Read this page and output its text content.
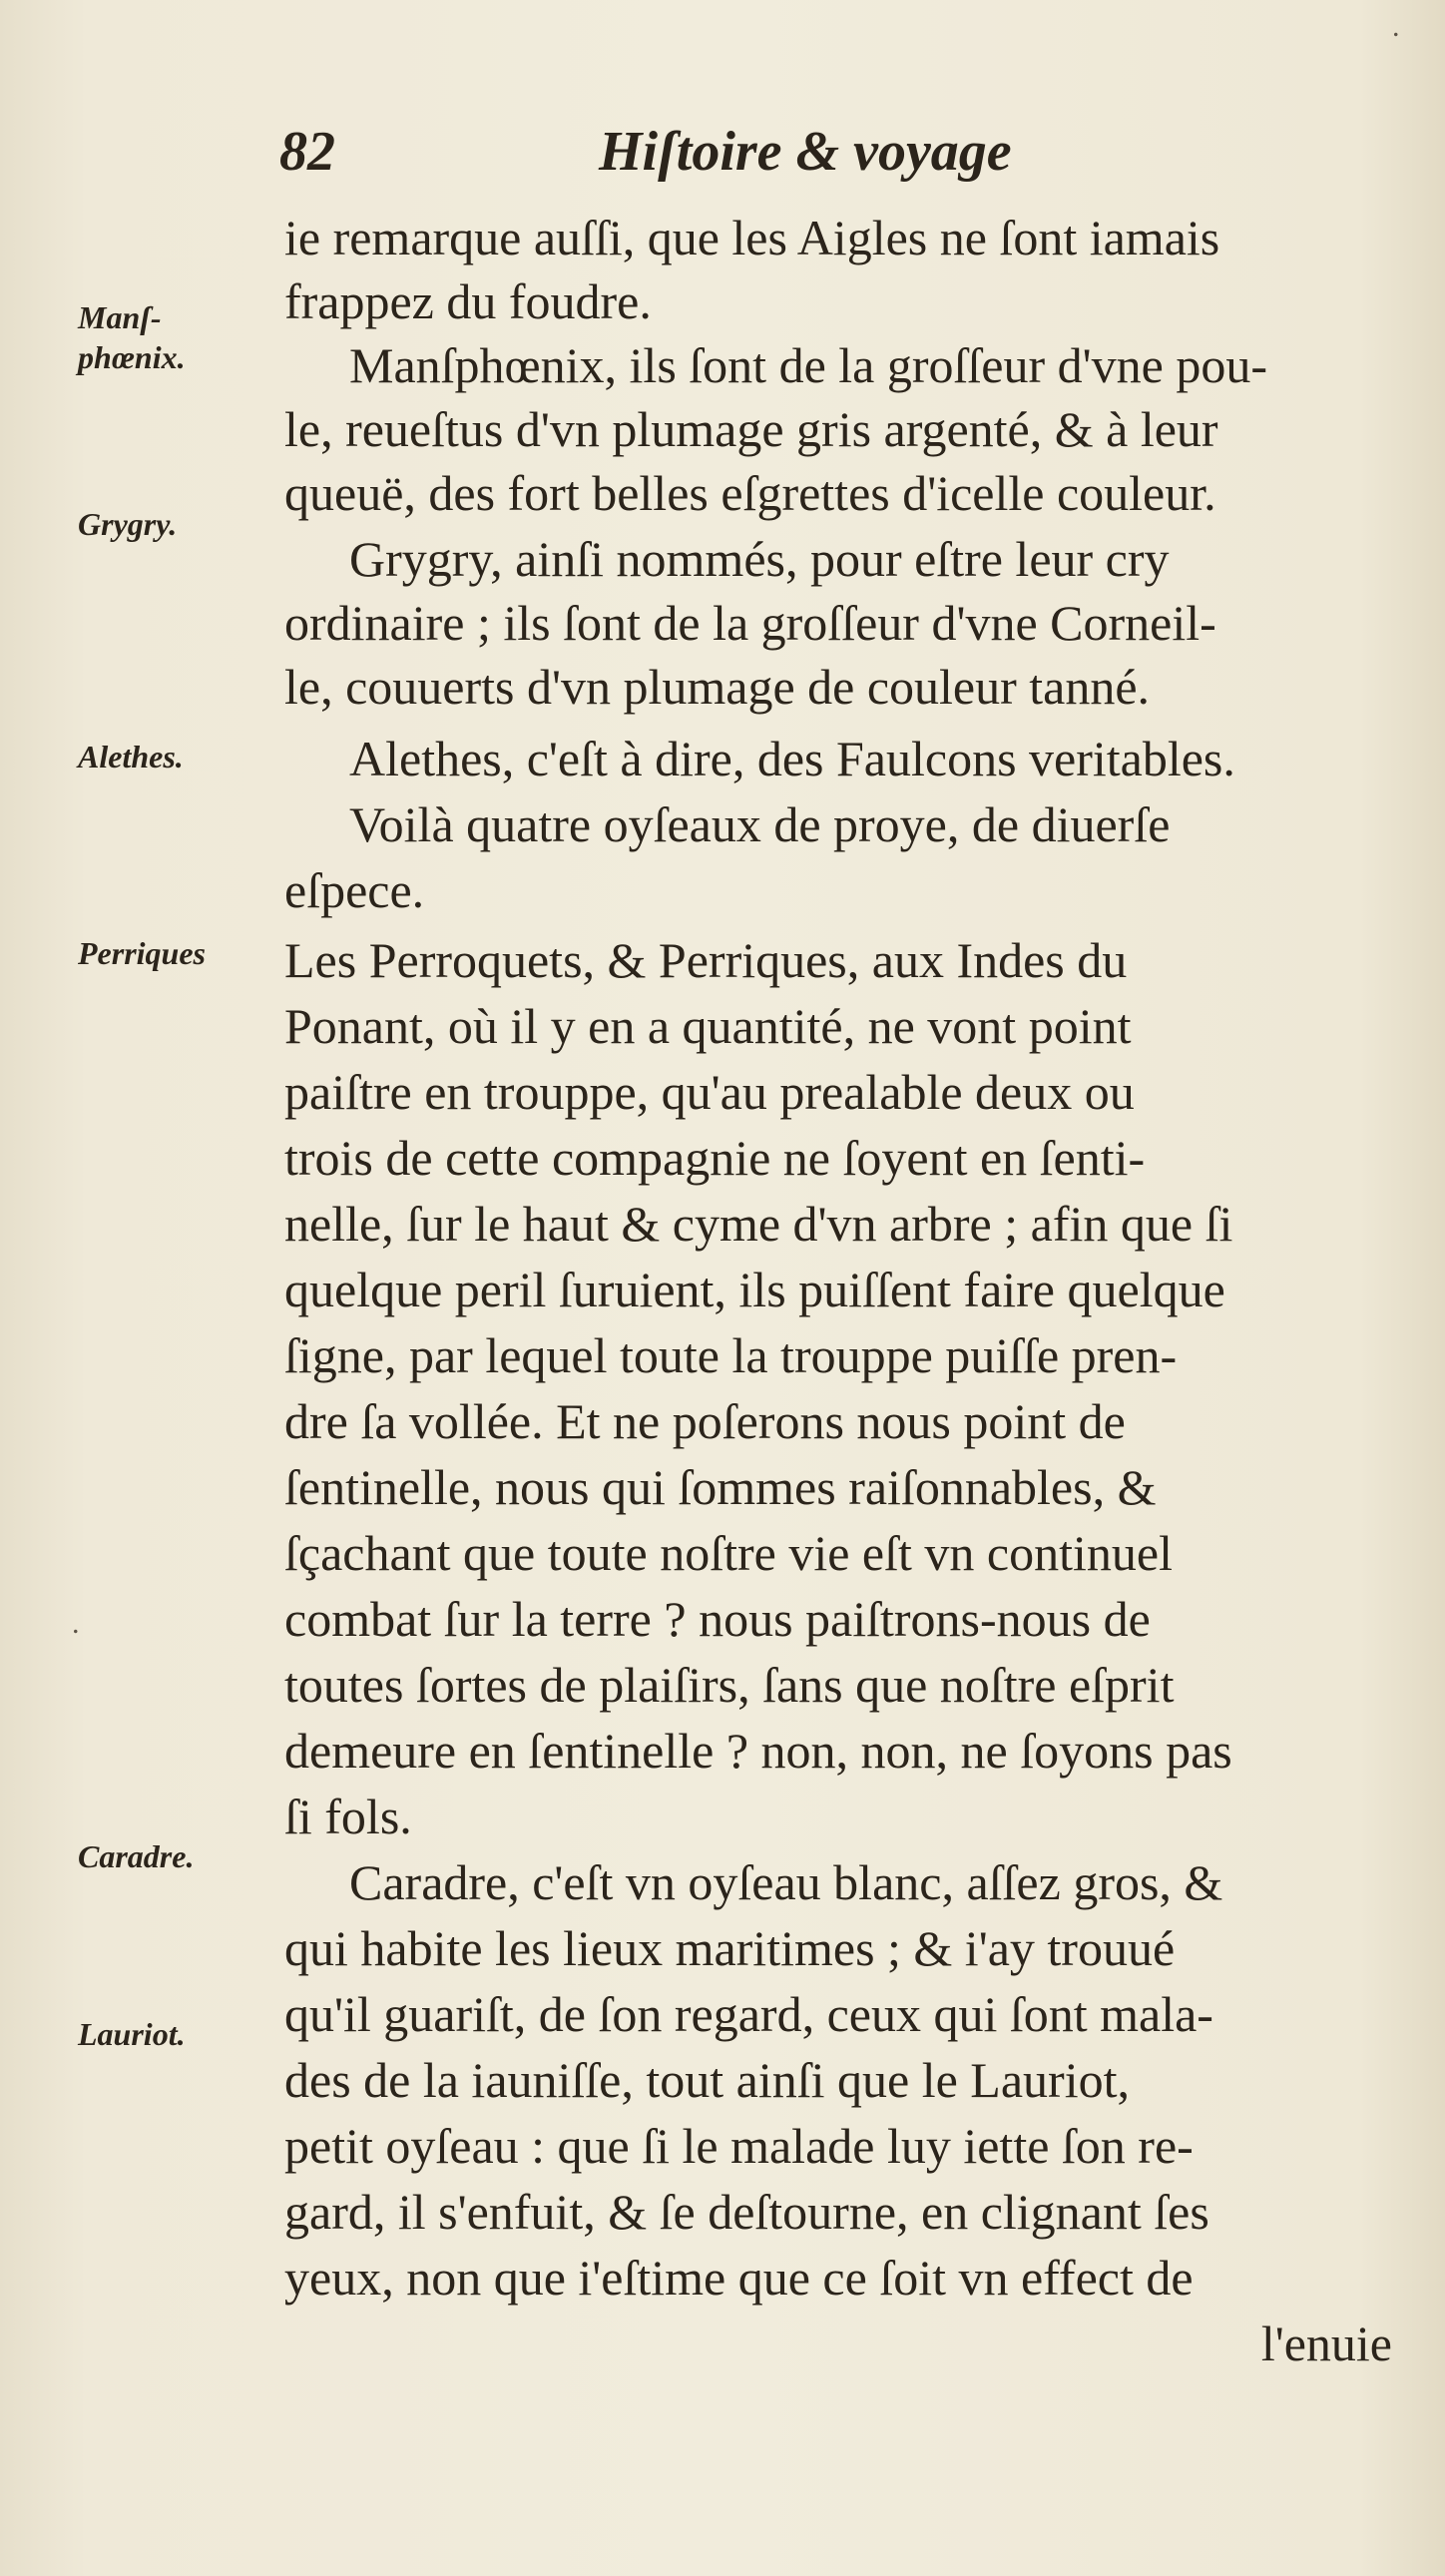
82	Hiſtoire & voyage
Manſ-
phœnix.
Grygry.
Alethes.
Perriques
Caradre.
Lauriot.
ie remarque auſſi, que les Aigles ne ſont iamais
frappez du foudre.
Manſphœnix, ils ſont de la groſſeur d'vne pou-
le, reueſtus d'vn plumage gris argenté, & à leur
queuë, des fort belles eſgrettes d'icelle couleur.
Grygry, ainſi nommés, pour eſtre leur cry
ordinaire ; ils ſont de la groſſeur d'vne Corneil-
le, couuerts d'vn plumage de couleur tanné.
Alethes, c'eſt à dire, des Faulcons veritables.
Voilà quatre oyſeaux de proye, de diuerſe
eſpece.
Les Perroquets, & Perriques, aux Indes du
Ponant, où il y en a quantité, ne vont point
paiſtre en trouppe, qu'au prealable deux ou
trois de cette compagnie ne ſoyent en ſenti-
nelle, ſur le haut & cyme d'vn arbre ; afin que ſi
quelque peril ſuruient, ils puiſſent faire quelque
ſigne, par lequel toute la trouppe puiſſe pren-
dre ſa vollée. Et ne poſerons nous point de
ſentinelle, nous qui ſommes raiſonnables, &
ſçachant que toute noſtre vie eſt vn continuel
combat ſur la terre ? nous paiſtrons-nous de
toutes ſortes de plaiſirs, ſans que noſtre eſprit
demeure en ſentinelle ? non, non, ne ſoyons pas
ſi fols.
Caradre, c'eſt vn oyſeau blanc, aſſez gros, &
qui habite les lieux maritimes ; & i'ay trouué
qu'il guariſt, de ſon regard, ceux qui ſont mala-
des de la iauniſſe, tout ainſi que le Lauriot,
petit oyſeau : que ſi le malade luy iette ſon re-
gard, il s'enfuit, & ſe deſtourne, en clignant ſes
yeux, non que i'eſtime que ce ſoit vn effect de
l'enuie
.
.
